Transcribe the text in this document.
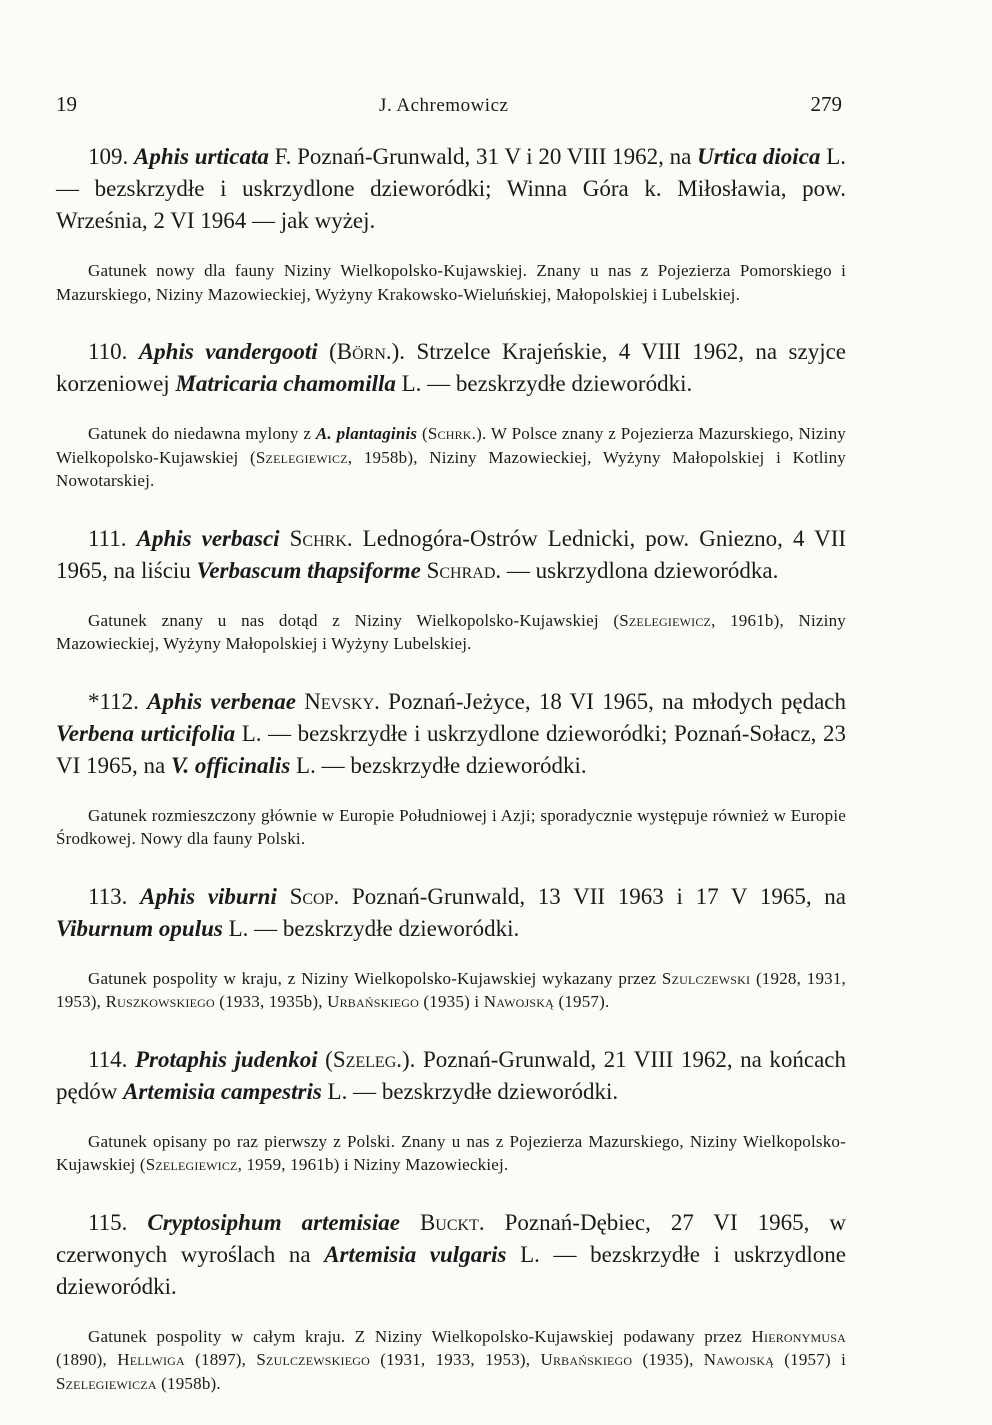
19	J. Achremowicz	279

109. Aphis urticata F. Poznań-Grunwald, 31 V i 20 VIII 1962, na Urtica dioica L. — bezskrzydłe i uskrzydlone dzieworódki; Winna Góra k. Miłosławia, pow. Września, 2 VI 1964 — jak wyżej.

Gatunek nowy dla fauny Niziny Wielkopolsko-Kujawskiej. Znany u nas z Pojezierza Pomorskiego i Mazurskiego, Niziny Mazowieckiej, Wyżyny Krakowsko-Wieluńskiej, Małopolskiej i Lubelskiej.

110. Aphis vandergooti (Börn.). Strzelce Krajeńskie, 4 VIII 1962, na szyjce korzeniowej Matricaria chamomilla L. — bezskrzydłe dzieworódki.

Gatunek do niedawna mylony z A. plantaginis (Schrk.). W Polsce znany z Pojezierza Mazurskiego, Niziny Wielkopolsko-Kujawskiej (Szelegiewicz, 1958b), Niziny Mazowieckiej, Wyżyny Małopolskiej i Kotliny Nowotarskiej.

111. Aphis verbasci Schrk. Lednogóra-Ostrów Lednicki, pow. Gniezno, 4 VII 1965, na liściu Verbascum thapsiforme Schrad. — uskrzydlona dzieworódka.

Gatunek znany u nas dotąd z Niziny Wielkopolsko-Kujawskiej (Szelegiewicz, 1961b), Niziny Mazowieckiej, Wyżyny Małopolskiej i Wyżyny Lubelskiej.

*112. Aphis verbenae Nevsky. Poznań-Jeżyce, 18 VI 1965, na młodych pędach Verbena urticifolia L. — bezskrzydłe i uskrzydlone dzieworódki; Poznań-Sołacz, 23 VI 1965, na V. officinalis L. — bezskrzydłe dzieworódki.

Gatunek rozmieszczony głównie w Europie Południowej i Azji; sporadycznie występuje również w Europie Środkowej. Nowy dla fauny Polski.

113. Aphis viburni Scop. Poznań-Grunwald, 13 VII 1963 i 17 V 1965, na Viburnum opulus L. — bezskrzydłe dzieworódki.

Gatunek pospolity w kraju, z Niziny Wielkopolsko-Kujawskiej wykazany przez Szulczewski (1928, 1931, 1953), Ruszkowskiego (1933, 1935b), Urbańskiego (1935) i Nawojską (1957).

114. Protaphis judenkoi (Szeleg.). Poznań-Grunwald, 21 VIII 1962, na końcach pędów Artemisia campestris L. — bezskrzydłe dzieworódki.

Gatunek opisany po raz pierwszy z Polski. Znany u nas z Pojezierza Mazurskiego, Niziny Wielkopolsko-Kujawskiej (Szelegiewicz, 1959, 1961b) i Niziny Mazowieckiej.

115. Cryptosiphum artemisiae Buckt. Poznań-Dębiec, 27 VI 1965, w czerwonych wyroślach na Artemisia vulgaris L. — bezskrzydłe i uskrzydlone dzieworódki.

Gatunek pospolity w całym kraju. Z Niziny Wielkopolsko-Kujawskiej podawany przez Hieronymusa (1890), Hellwiga (1897), Szulczewskiego (1931, 1933, 1953), Urbańskiego (1935), Nawojską (1957) i Szelegiewicza (1958b).
